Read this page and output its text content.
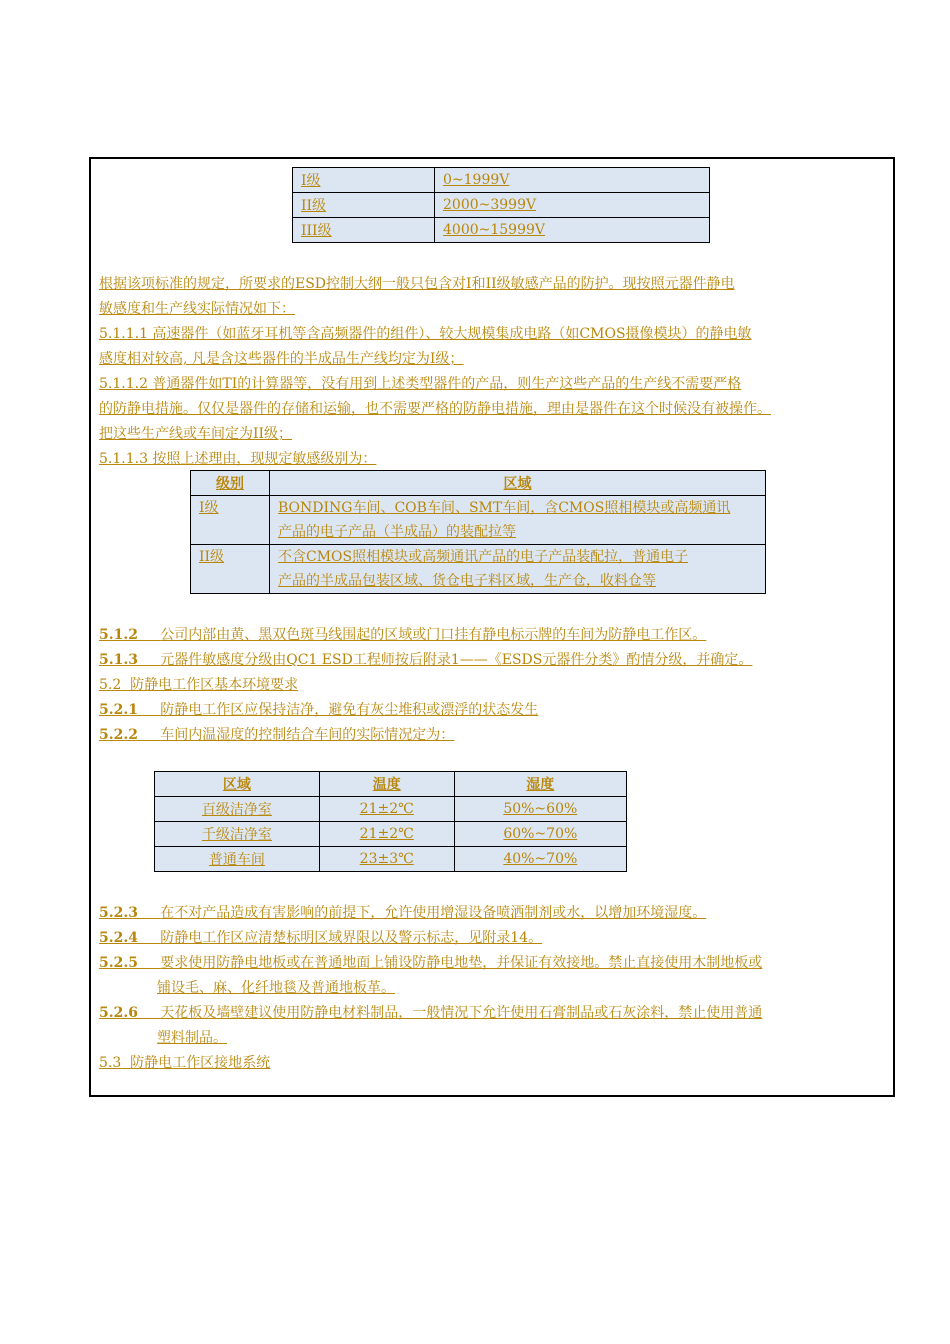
I级	0~1999V
II级	2000~3999V
III级	4000~15999V
根据该项标准的规定，所要求的ESD控制大纲一般只包含对I和II级敏感产品的防护。现按照元器件静电
敏感度和生产线实际情况如下：
5.1.1.1 高速器件（如蓝牙耳机等含高频器件的组件）、较大规模集成电路（如CMOS摄像模块）的静电敏
感度相对较高, 凡是含这些器件的半成品生产线均定为I级；
5.1.1.2 普通器件如TI的计算器等，没有用到上述类型器件的产品，则生产这些产品的生产线不需要严格
的防静电措施。仅仅是器件的存储和运输，也不需要严格的防静电措施，理由是器件在这个时候没有被操作。
把这些生产线或车间定为II级；
5.1.1.3 按照上述理由，现规定敏感级别为：
级别	区域
I级	BONDING车间、COB车间、SMT车间，含CMOS照相模块或高频通讯
产品的电子产品（半成品）的装配拉等

II级	不含CMOS照相模块或高频通讯产品的电子产品装配拉，普通电子
产品的半成品包装区域、货仓电子料区域，生产仓，收料仓等
5.1.2 公司内部由黄、黑双色斑马线围起的区域或门口挂有静电标示牌的车间为防静电工作区。
5.1.3 元器件敏感度分级由QC1 ESD工程师按后附录1——《ESDS元器件分类》酌情分级，并确定。
5.2 防静电工作区基本环境要求
5.2.1 防静电工作区应保持洁净，避免有灰尘堆积或漂浮的状态发生
5.2.2 车间内温湿度的控制结合车间的实际情况定为：
区域	温度	湿度
百级洁净室	21±2℃	50%~60%
千级洁净室	21±2℃	60%~70%
普通车间	23±3℃	40%~70%
5.2.3 在不对产品造成有害影响的前提下，允许使用增湿设备喷洒制剂或水，以增加环境湿度。
5.2.4 防静电工作区应清楚标明区域界限以及警示标志，见附录14。
5.2.5 要求使用防静电地板或在普通地面上铺设防静电地垫，并保证有效接地。禁止直接使用木制地板或
铺设毛、麻、化纤地毯及普通地板革。
5.2.6 天花板及墙壁建议使用防静电材料制品，一般情况下允许使用石膏制品或石灰涂料，禁止使用普通
塑料制品。
5.3 防静电工作区接地系统
